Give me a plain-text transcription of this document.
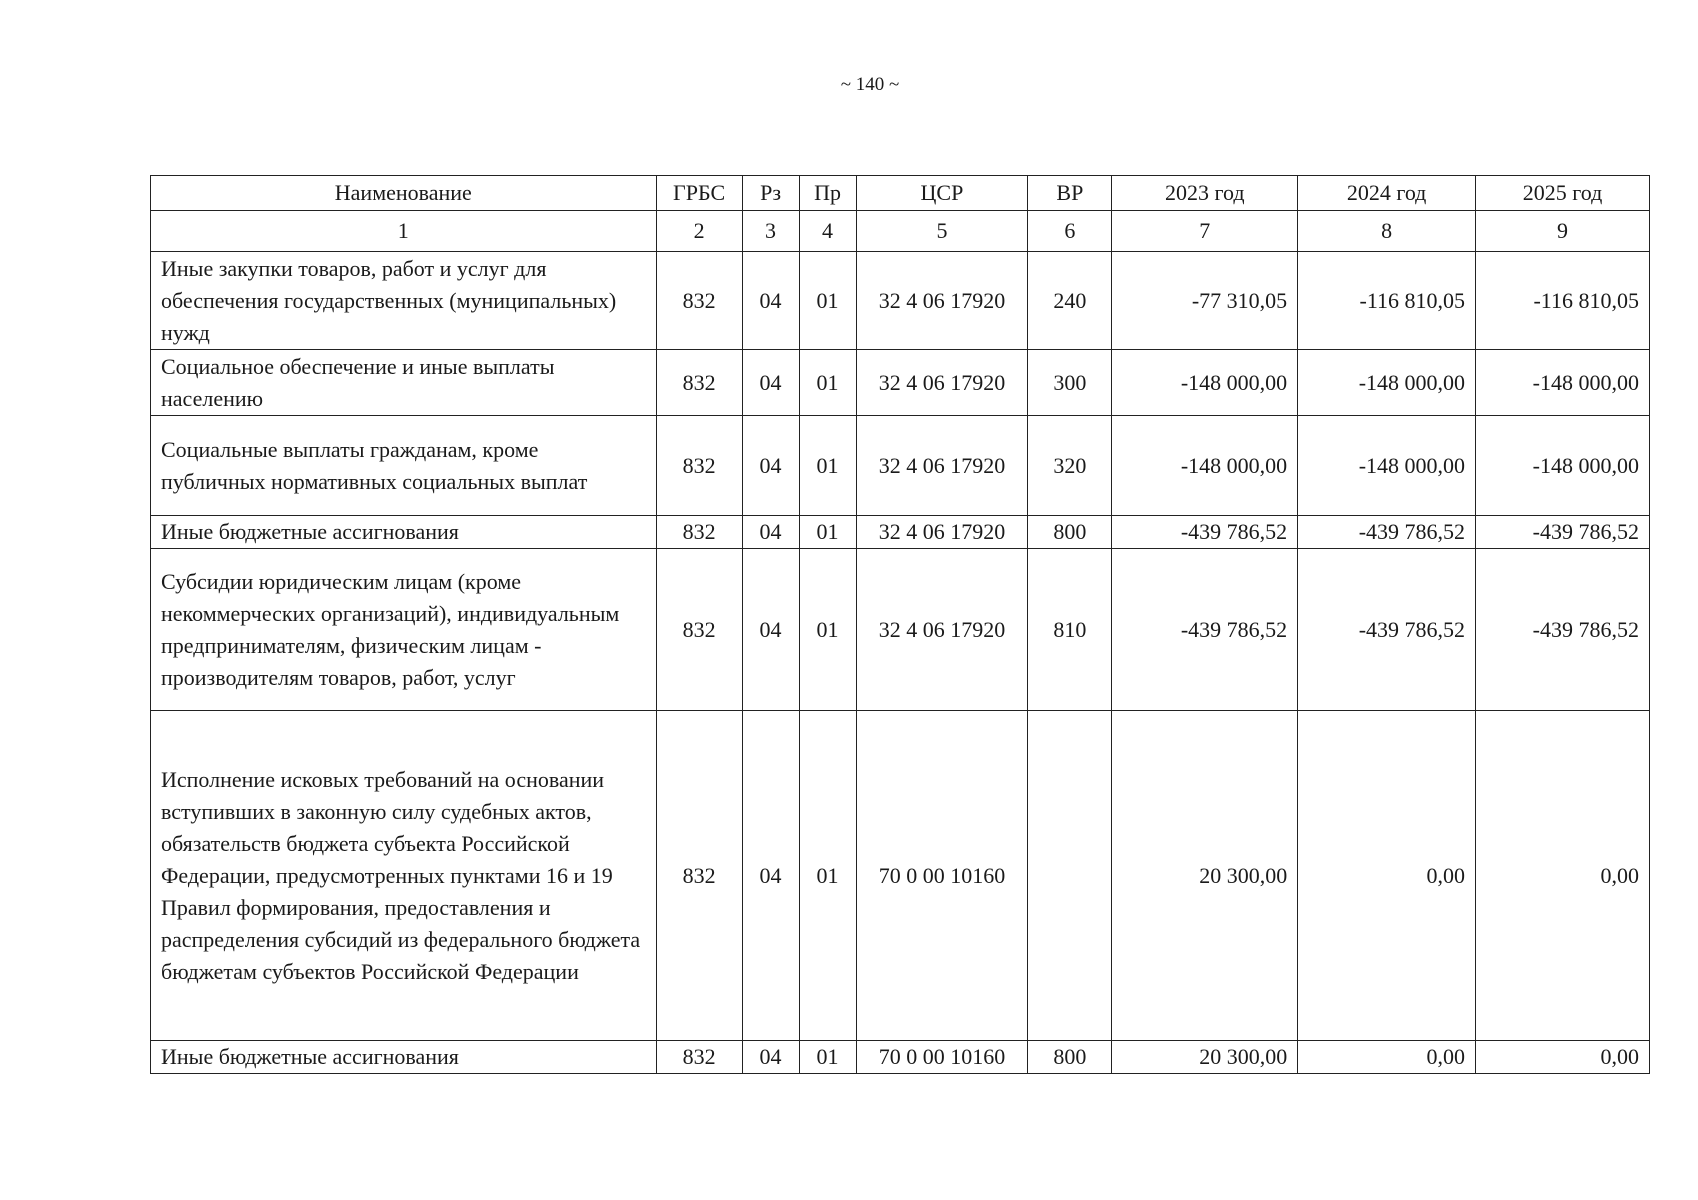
~ 140 ~
Наименование	ГРБС	Рз	Пр	ЦСР	ВР	2023 год	2024 год	2025 год
1	2	3	4	5	6	7	8	9
Иные закупки товаров, работ и услуг для обеспечения государственных (муниципальных) нужд	832	04	01	32 4 06 17920	240	-77 310,05	-116 810,05	-116 810,05
Социальное обеспечение и иные выплаты населению	832	04	01	32 4 06 17920	300	-148 000,00	-148 000,00	-148 000,00
Социальные выплаты гражданам, кроме публичных нормативных социальных выплат	832	04	01	32 4 06 17920	320	-148 000,00	-148 000,00	-148 000,00
Иные бюджетные ассигнования	832	04	01	32 4 06 17920	800	-439 786,52	-439 786,52	-439 786,52
Субсидии юридическим лицам (кроме некоммерческих организаций), индивидуальным предпринимателям, физическим лицам - производителям товаров, работ, услуг	832	04	01	32 4 06 17920	810	-439 786,52	-439 786,52	-439 786,52
Исполнение исковых требований на основании вступивших в законную силу судебных актов, обязательств бюджета субъекта Российской Федерации, предусмотренных пунктами 16 и 19 Правил формирования, предоставления и распределения субсидий из федерального бюджета бюджетам субъектов Российской Федерации	832	04	01	70 0 00 10160		20 300,00	0,00	0,00
Иные бюджетные ассигнования	832	04	01	70 0 00 10160	800	20 300,00	0,00	0,00
